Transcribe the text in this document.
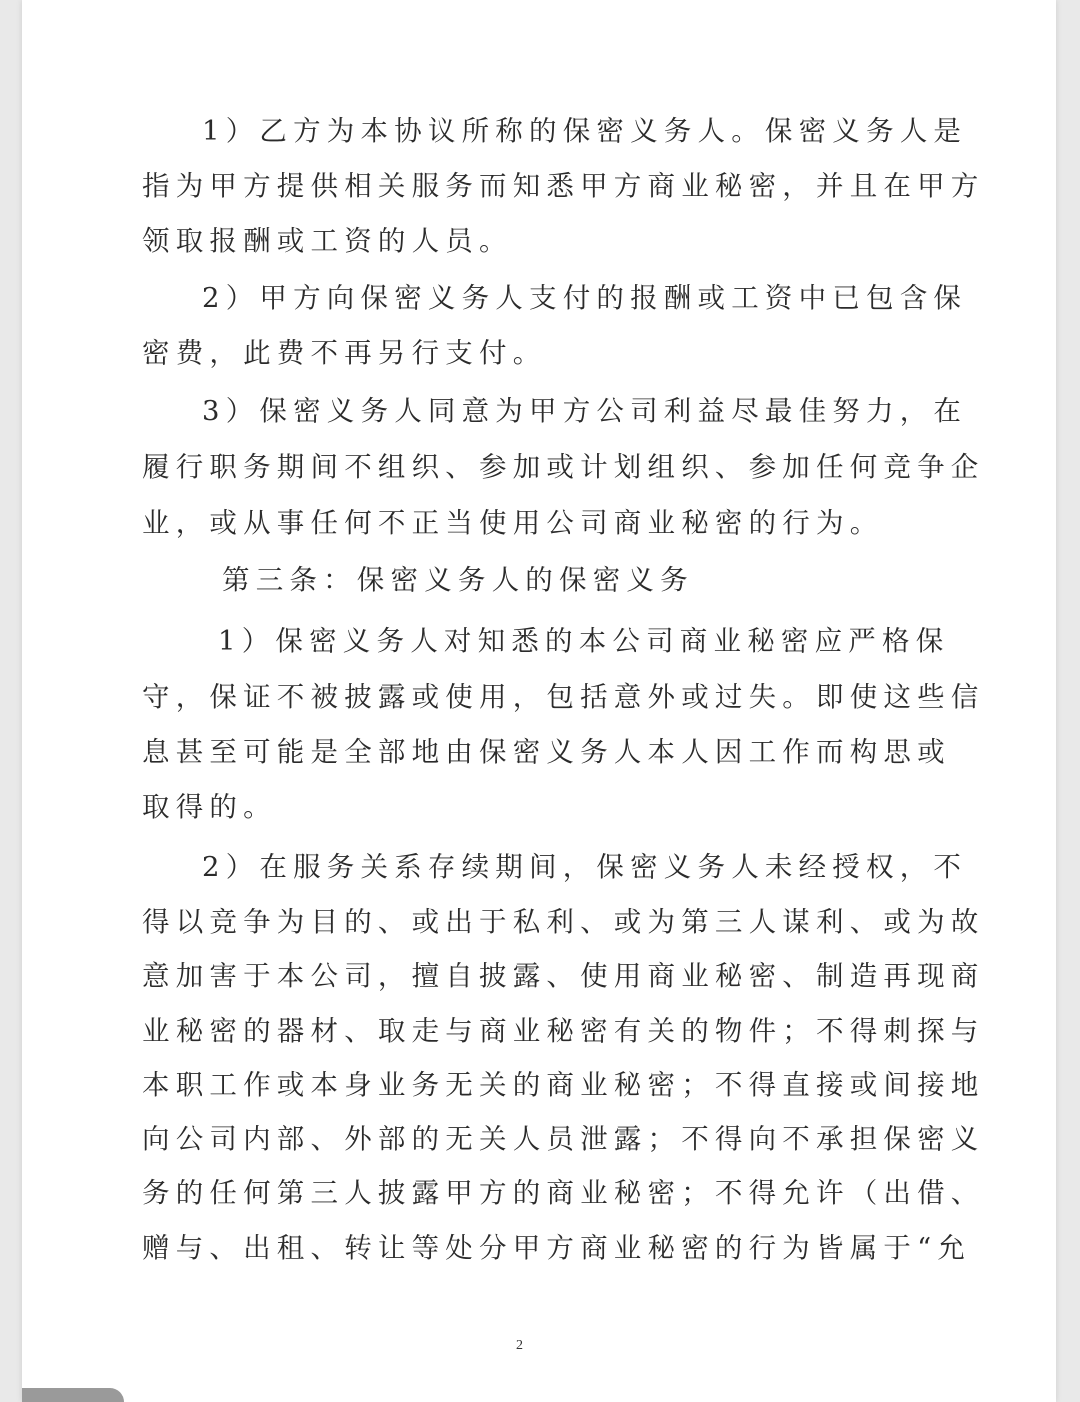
1）乙方为本协议所称的保密义务人。保密义务人是
指为甲方提供相关服务而知悉甲方商业秘密，并且在甲方
领取报酬或工资的人员。
2）甲方向保密义务人支付的报酬或工资中已包含保
密费，此费不再另行支付。
3）保密义务人同意为甲方公司利益尽最佳努力，在
履行职务期间不组织、参加或计划组织、参加任何竞争企
业，或从事任何不正当使用公司商业秘密的行为。
第三条：保密义务人的保密义务
1）保密义务人对知悉的本公司商业秘密应严格保
守，保证不被披露或使用，包括意外或过失。即使这些信
息甚至可能是全部地由保密义务人本人因工作而构思或
取得的。
2）在服务关系存续期间，保密义务人未经授权，不
得以竞争为目的、或出于私利、或为第三人谋利、或为故
意加害于本公司，擅自披露、使用商业秘密、制造再现商
业秘密的器材、取走与商业秘密有关的物件；不得刺探与
本职工作或本身业务无关的商业秘密；不得直接或间接地
向公司内部、外部的无关人员泄露；不得向不承担保密义
务的任何第三人披露甲方的商业秘密；不得允许（出借、
赠与、出租、转让等处分甲方商业秘密的行为皆属于“允
2
